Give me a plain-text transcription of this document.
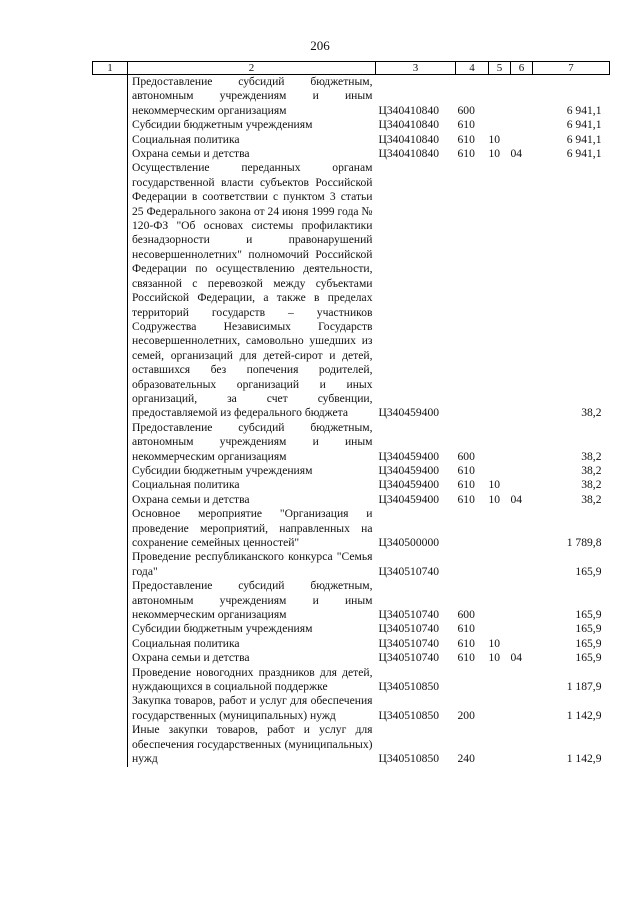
206
1	2	3	4	5	6	7
	Предоставление субсидий бюджетным, автономным учреждениям и иным некоммерческим организациям	Ц340410840	600			6 941,1
	Субсидии бюджетным учреждениям	Ц340410840	610			6 941,1
	Социальная политика	Ц340410840	610	10		6 941,1
	Охрана семьи и детства	Ц340410840	610	10	04	6 941,1
	Осуществление переданных органам государственной власти субъектов Российской Федерации в соответствии с пунктом 3 статьи 25 Федерального закона от 24 июня 1999 года № 120-ФЗ "Об основах системы профилактики безнадзорности и правонарушений несовершеннолетних" полномочий Российской Федерации по осуществлению деятельности, связанной с перевозкой между субъектами Российской Федерации, а также в пределах территорий государств – участников Содружества Независимых Государств несовершеннолетних, самовольно ушедших из семей, организаций для детей-сирот и детей, оставшихся без попечения родителей, образовательных организаций и иных организаций, за счет субвенции, предоставляемой из федерального бюджета	Ц340459400				38,2
	Предоставление субсидий бюджетным, автономным учреждениям и иным некоммерческим организациям	Ц340459400	600			38,2
	Субсидии бюджетным учреждениям	Ц340459400	610			38,2
	Социальная политика	Ц340459400	610	10		38,2
	Охрана семьи и детства	Ц340459400	610	10	04	38,2
	Основное мероприятие "Организация и проведение мероприятий, направленных на сохранение семейных ценностей"	Ц340500000				1 789,8
	Проведение республиканского конкурса "Семья года"	Ц340510740				165,9
	Предоставление субсидий бюджетным, автономным учреждениям и иным некоммерческим организациям	Ц340510740	600			165,9
	Субсидии бюджетным учреждениям	Ц340510740	610			165,9
	Социальная политика	Ц340510740	610	10		165,9
	Охрана семьи и детства	Ц340510740	610	10	04	165,9
	Проведение новогодних праздников для детей, нуждающихся в социальной поддержке	Ц340510850				1 187,9
	Закупка товаров, работ и услуг для обеспечения государственных (муниципальных) нужд	Ц340510850	200			1 142,9
	Иные закупки товаров, работ и услуг для обеспечения государственных (муниципальных) нужд	Ц340510850	240			1 142,9
